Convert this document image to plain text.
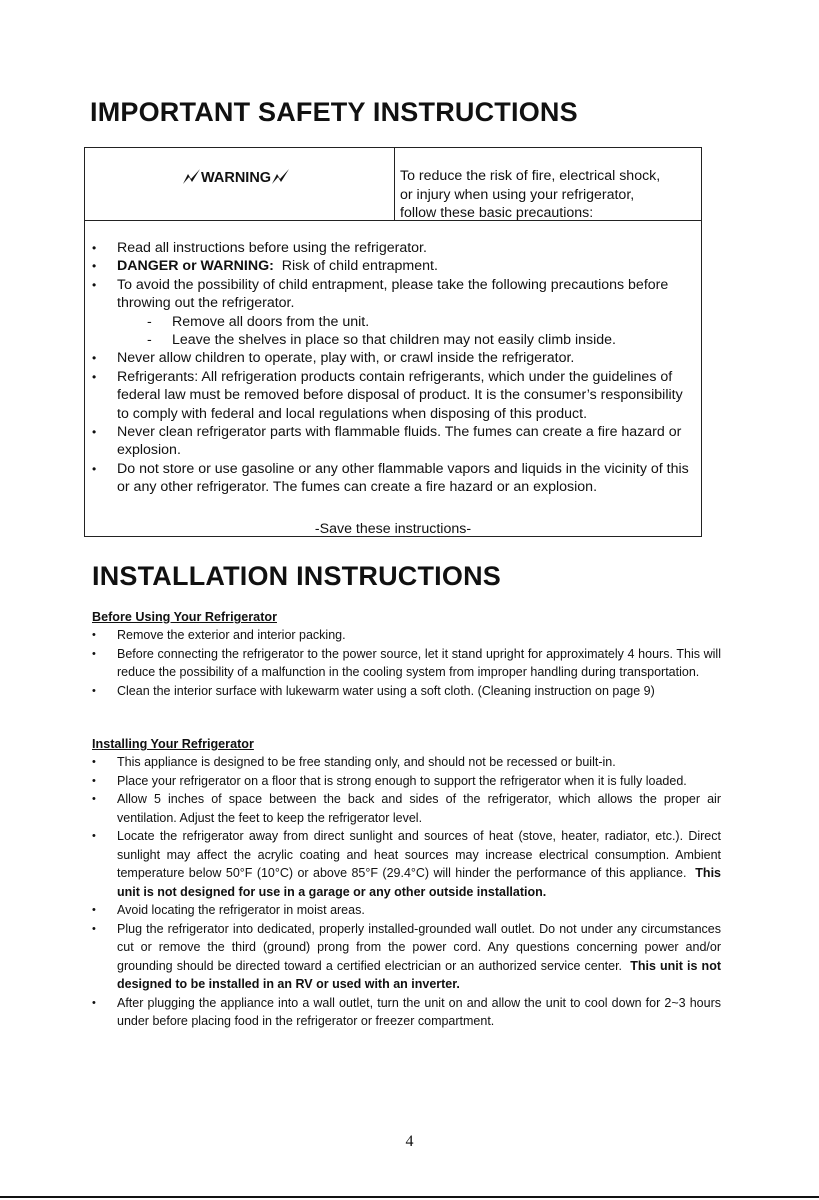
IMPORTANT SAFETY INSTRUCTIONS
WARNING	To reduce the risk of fire, electrical shock,
or injury when using your refrigerator,
follow these basic precautions:
• Read all instructions before using the refrigerator.
• DANGER or WARNING: Risk of child entrapment.
• To avoid the possibility of child entrapment, please take the following precautions before throwing out the refrigerator.
- Remove all doors from the unit.
- Leave the shelves in place so that children may not easily climb inside.
• Never allow children to operate, play with, or crawl inside the refrigerator.
• Refrigerants: All refrigeration products contain refrigerants, which under the guidelines of federal law must be removed before disposal of product. It is the consumer’s responsibility to comply with federal and local regulations when disposing of this product.
• Never clean refrigerator parts with flammable fluids. The fumes can create a fire hazard or explosion.
• Do not store or use gasoline or any other flammable vapors and liquids in the vicinity of this or any other refrigerator. The fumes can create a fire hazard or an explosion.
-Save these instructions-
INSTALLATION INSTRUCTIONS
Before Using Your Refrigerator
• Remove the exterior and interior packing.
• Before connecting the refrigerator to the power source, let it stand upright for approximately 4 hours. This will reduce the possibility of a malfunction in the cooling system from improper handling during transportation.
• Clean the interior surface with lukewarm water using a soft cloth. (Cleaning instruction on page 9)
Installing Your Refrigerator
• This appliance is designed to be free standing only, and should not be recessed or built-in.
• Place your refrigerator on a floor that is strong enough to support the refrigerator when it is fully loaded.
• Allow 5 inches of space between the back and sides of the refrigerator, which allows the proper air ventilation. Adjust the feet to keep the refrigerator level.
• Locate the refrigerator away from direct sunlight and sources of heat (stove, heater, radiator, etc.). Direct sunlight may affect the acrylic coating and heat sources may increase electrical consumption. Ambient temperature below 50°F (10°C) or above 85°F (29.4°C) will hinder the performance of this appliance. This unit is not designed for use in a garage or any other outside installation.
• Avoid locating the refrigerator in moist areas.
• Plug the refrigerator into dedicated, properly installed-grounded wall outlet. Do not under any circumstances cut or remove the third (ground) prong from the power cord. Any questions concerning power and/or grounding should be directed toward a certified electrician or an authorized service center. This unit is not designed to be installed in an RV or used with an inverter.
• After plugging the appliance into a wall outlet, turn the unit on and allow the unit to cool down for 2~3 hours under before placing food in the refrigerator or freezer compartment.
4
